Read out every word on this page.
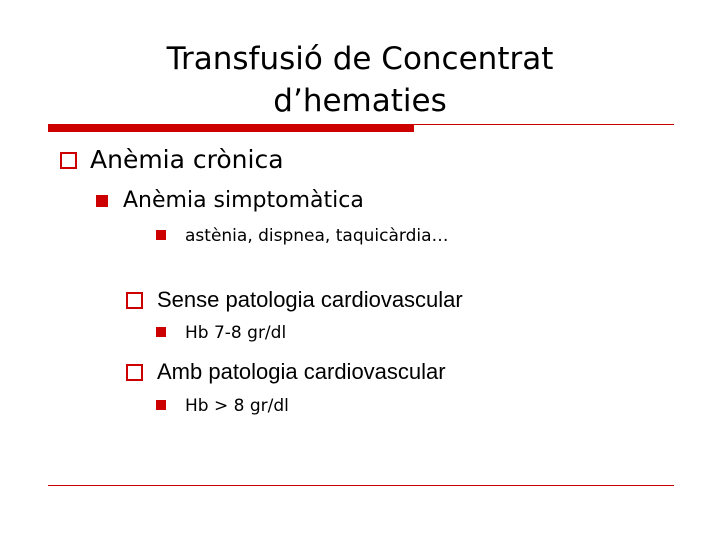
Transfusió de Concentrat
d’hematies
Anèmia crònica
Anèmia simptomàtica
astènia, dispnea, taquicàrdia…
Sense patologia cardiovascular
Hb 7-8 gr/dl
Amb patologia cardiovascular
Hb > 8 gr/dl
